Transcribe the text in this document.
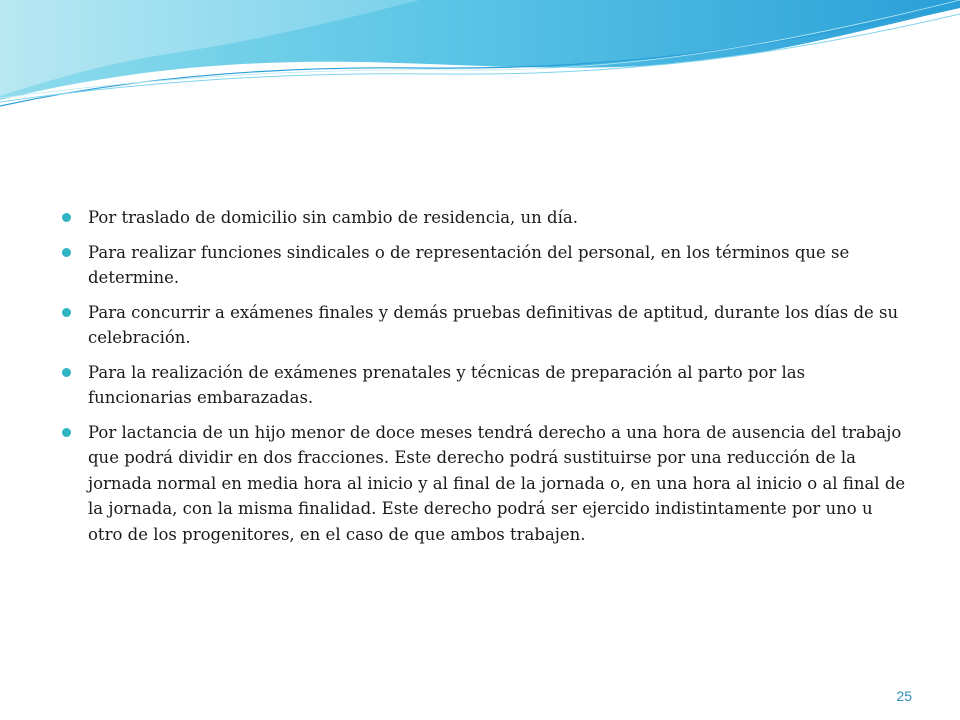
Por traslado de domicilio sin cambio de residencia, un día.
Para realizar funciones sindicales o de representación del personal, en los términos que se determine.
Para concurrir a exámenes finales y demás pruebas definitivas de aptitud, durante los días de su celebración.
Para la realización de exámenes prenatales y técnicas de preparación al parto por las funcionarias embarazadas.
Por lactancia de un hijo menor de doce meses tendrá derecho a una hora de ausencia del trabajo que podrá dividir en dos fracciones. Este derecho podrá sustituirse por una reducción de la jornada normal en media hora al inicio y al final de la jornada o, en una hora al inicio o al final de la jornada, con la misma finalidad. Este derecho podrá ser ejercido indistintamente por uno u otro de los progenitores, en el caso de que ambos trabajen.
25
